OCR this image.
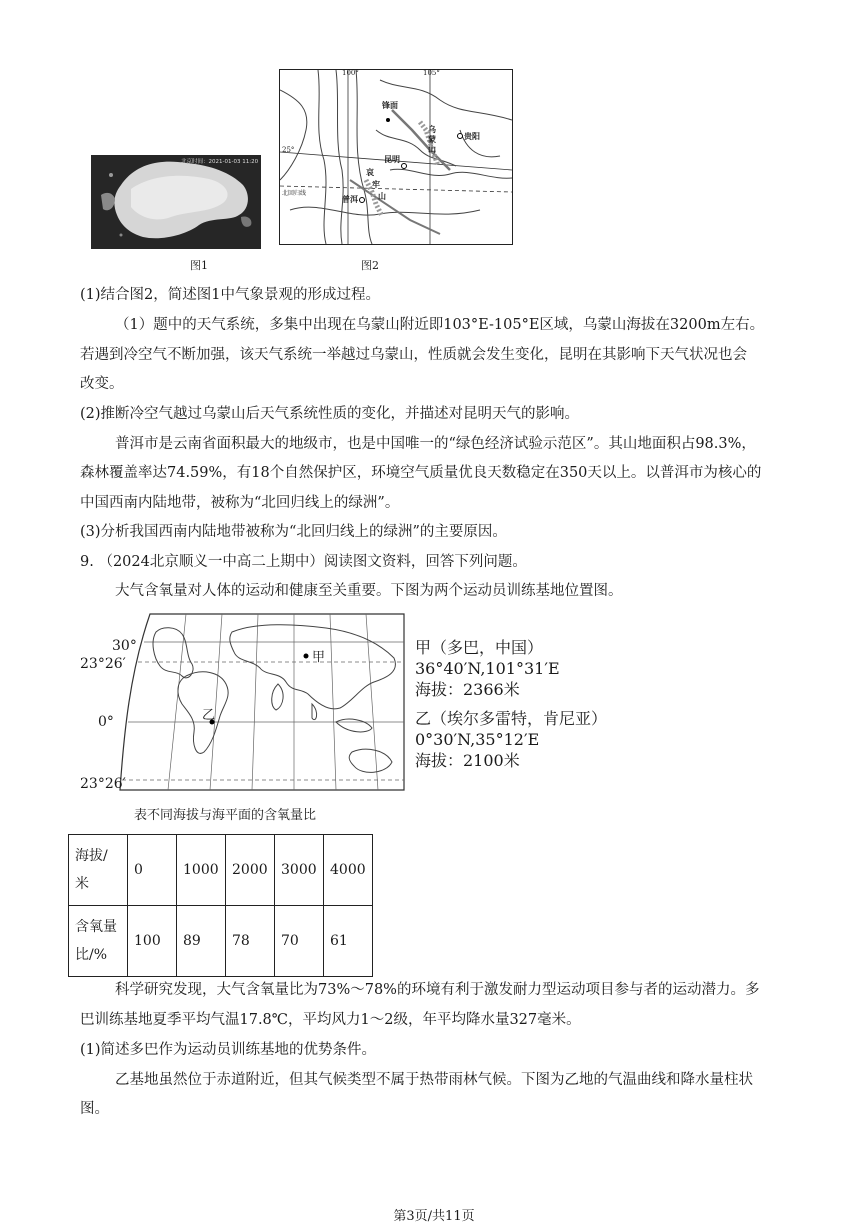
北京时间：2021-01-03 11:20
图1
100°	105°
25°
北回归线
锋面
贵阳
昆明
普洱
乌
蒙
山
哀
牢
山
图2
(1)结合图2，简述图1中气象景观的形成过程。
（1）题中的天气系统，多集中出现在乌蒙山附近即103°E-105°E区域，乌蒙山海拔在3200m左右。
若遇到冷空气不断加强，该天气系统一举越过乌蒙山，性质就会发生变化，昆明在其影响下天气状况也会
改变。
(2)推断冷空气越过乌蒙山后天气系统性质的变化，并描述对昆明天气的影响。
普洱市是云南省面积最大的地级市，也是中国唯一的“绿色经济试验示范区”。其山地面积占98.3%，
森林覆盖率达74.59%，有18个自然保护区，环境空气质量优良天数稳定在350天以上。以普洱市为核心的
中国西南内陆地带，被称为“北回归线上的绿洲”。
(3)分析我国西南内陆地带被称为“北回归线上的绿洲”的主要原因。
9. （2024北京顺义一中高二上期中）阅读图文资料，回答下列问题。
大气含氧量对人体的运动和健康至关重要。下图为两个运动员训练基地位置图。
甲
乙
30°
23°26′
0°
23°26′
甲（多巴，中国）
36°40′N,101°31′E
海拔：2366米
乙（埃尔多雷特，肯尼亚）
0°30′N,35°12′E
海拔：2100米
表不同海拔与海平面的含氧量比
海拔/
米	0	1000	2000	3000	4000
含氧量
比/%	100	89	78	70	61
科学研究发现，大气含氧量比为73%～78%的环境有利于激发耐力型运动项目参与者的运动潜力。多
巴训练基地夏季平均气温17.8℃，平均风力1～2级，年平均降水量327毫米。
(1)简述多巴作为运动员训练基地的优势条件。
乙基地虽然位于赤道附近，但其气候类型不属于热带雨林气候。下图为乙地的气温曲线和降水量柱状
图。
第3页/共11页
